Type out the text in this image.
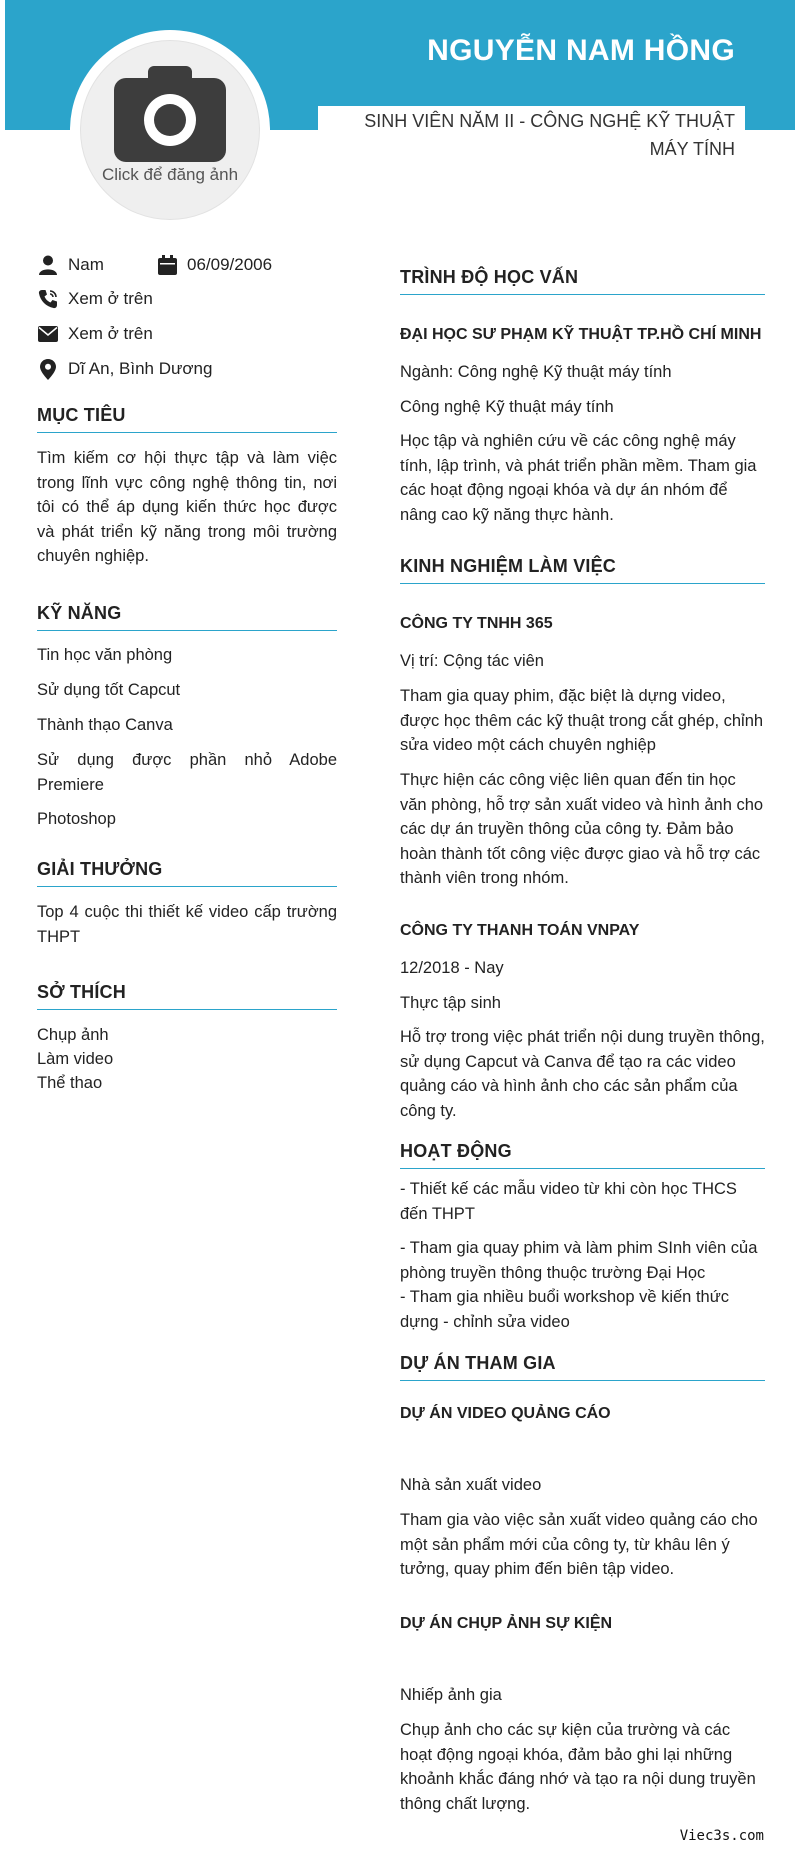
NGUYỄN NAM HỒNG
SINH VIÊN NĂM II - CÔNG NGHỆ KỸ THUẬT MÁY TÍNH
Click để đăng ảnh
Nam	06/09/2006
Xem ở trên
Xem ở trên
Dĩ An, Bình Dương
MỤC TIÊU
Tìm kiếm cơ hội thực tập và làm việc trong lĩnh vực công nghệ thông tin, nơi tôi có thể áp dụng kiến thức học được và phát triển kỹ năng trong môi trường chuyên nghiệp.
KỸ NĂNG
Tin học văn phòng
Sử dụng tốt Capcut
Thành thạo Canva
Sử dụng được phần nhỏ Adobe Premiere
Photoshop
GIẢI THƯỞNG
Top 4 cuộc thi thiết kế video cấp trường THPT
SỞ THÍCH
Chụp ảnh
Làm video
Thể thao
TRÌNH ĐỘ HỌC VẤN
ĐẠI HỌC SƯ PHẠM KỸ THUẬT TP.HỒ CHÍ MINH
Ngành: Công nghệ Kỹ thuật máy tính
Công nghệ Kỹ thuật máy tính
Học tập và nghiên cứu về các công nghệ máy tính, lập trình, và phát triển phần mềm. Tham gia các hoạt động ngoại khóa và dự án nhóm để nâng cao kỹ năng thực hành.
KINH NGHIỆM LÀM VIỆC
CÔNG TY TNHH 365
Vị trí: Cộng tác viên
Tham gia quay phim, đặc biệt là dựng video, được học thêm các kỹ thuật trong cắt ghép, chỉnh sửa video một cách chuyên nghiệp
Thực hiện các công việc liên quan đến tin học văn phòng, hỗ trợ sản xuất video và hình ảnh cho các dự án truyền thông của công ty. Đảm bảo hoàn thành tốt công việc được giao và hỗ trợ các thành viên trong nhóm.
CÔNG TY THANH TOÁN VNPAY
12/2018 - Nay
Thực tập sinh
Hỗ trợ trong việc phát triển nội dung truyền thông, sử dụng Capcut và Canva để tạo ra các video quảng cáo và hình ảnh cho các sản phẩm của công ty.
HOẠT ĐỘNG
- Thiết kế các mẫu video từ khi còn học THCS đến THPT
- Tham gia quay phim và làm phim SInh viên của phòng truyền thông thuộc trường Đại Học
- Tham gia nhiều buổi workshop về kiến thức dựng - chỉnh sửa video
DỰ ÁN THAM GIA
DỰ ÁN VIDEO QUẢNG CÁO
Nhà sản xuất video
Tham gia vào việc sản xuất video quảng cáo cho một sản phẩm mới của công ty, từ khâu lên ý tưởng, quay phim đến biên tập video.
DỰ ÁN CHỤP ẢNH SỰ KIỆN
Nhiếp ảnh gia
Chụp ảnh cho các sự kiện của trường và các hoạt động ngoại khóa, đảm bảo ghi lại những khoảnh khắc đáng nhớ và tạo ra nội dung truyền thông chất lượng.
Viec3s.com
